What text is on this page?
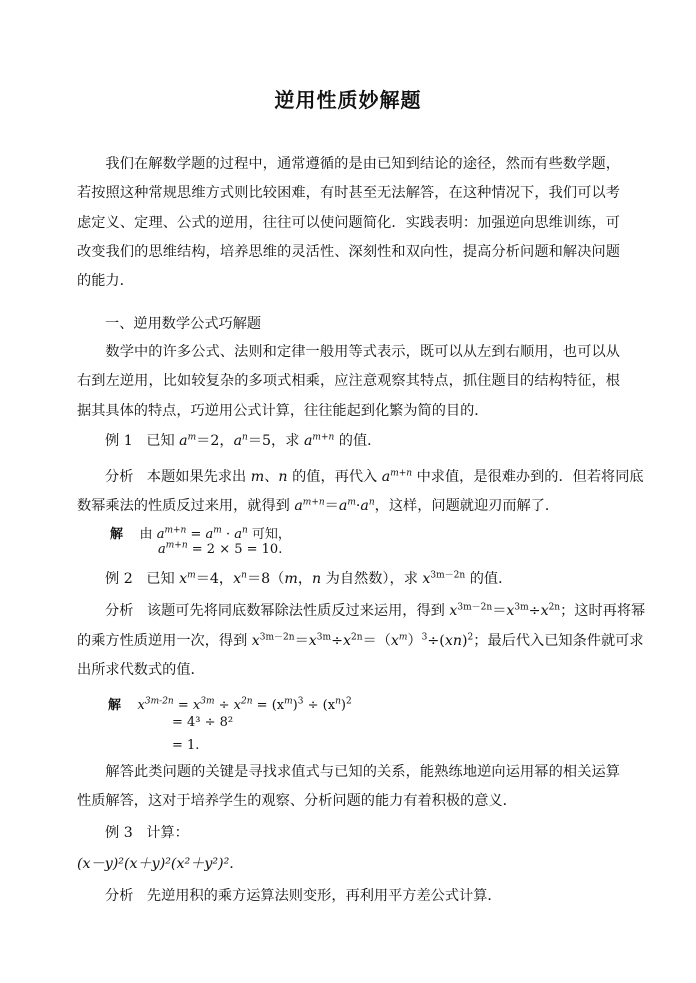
逆用性质妙解题

我们在解数学题的过程中，通常遵循的是由已知到结论的途径，然而有些数学题，若按照这种常规思维方式则比较困难，有时甚至无法解答，在这种情况下，我们可以考虑定义、定理、公式的逆用，往往可以使问题简化．实践表明：加强逆向思维训练，可改变我们的思维结构，培养思维的灵活性、深刻性和双向性，提高分析问题和解决问题的能力．

一、逆用数学公式巧解题

数学中的许多公式、法则和定律一般用等式表示，既可以从左到右顺用，也可以从右到左逆用，比如较复杂的多项式相乘，应注意观察其特点，抓住题目的结构特征，根据其具体的特点，巧逆用公式计算，往往能起到化繁为简的目的．

例 1 已知 $a^m=2$，$a^n=5$，求 $a^{m+n}$ 的值．

分析 本题如果先求出 m、n 的值，再代入 $a^{m+n}$ 中求值，是很难办到的．但若将同底

数幂乘法的性质反过来用，就得到 $a^{m+n}=a^m\cdot a^n$，这样，问题就迎刃而解了．

解 由 $a^{m+n} = a^m \cdot a^n$ 可知，

$a^{m+n} = 2 \times 5 = 10$.

例 2 已知 $x^m=4$，$x^n=8(m$，n 为自然数），求 $x^{3m-2n}$ 的值．

分析 该题可先将同底数幂除法性质反过来运用，得到 $x^{3m-2n}=x^{3m}\div x^{2n}$；这时再将幂

的乘方性质逆用一次，得到 $x^{3m-2n}=x^{3m}\div x^{2n}=(x^m)^3\div(xn)^2$；最后代入已知条件就可求

出所求代数式的值．

解 $x^{3m-2n} = x^{3m} \div x^{2n} = (x^m)^3 \div (x^n)^2$

= 4³ ÷ 8²

= 1.

解答此类问题的关键是寻找求值式与已知的关系，能熟练地逆向运用幂的相关运算性质解答，这对于培养学生的观察、分析问题的能力有着积极的意义．

例 3 计算：

(x－y)²(x＋y)²(x²＋y²)².

分析 先逆用积的乘方运算法则变形，再利用平方差公式计算．
